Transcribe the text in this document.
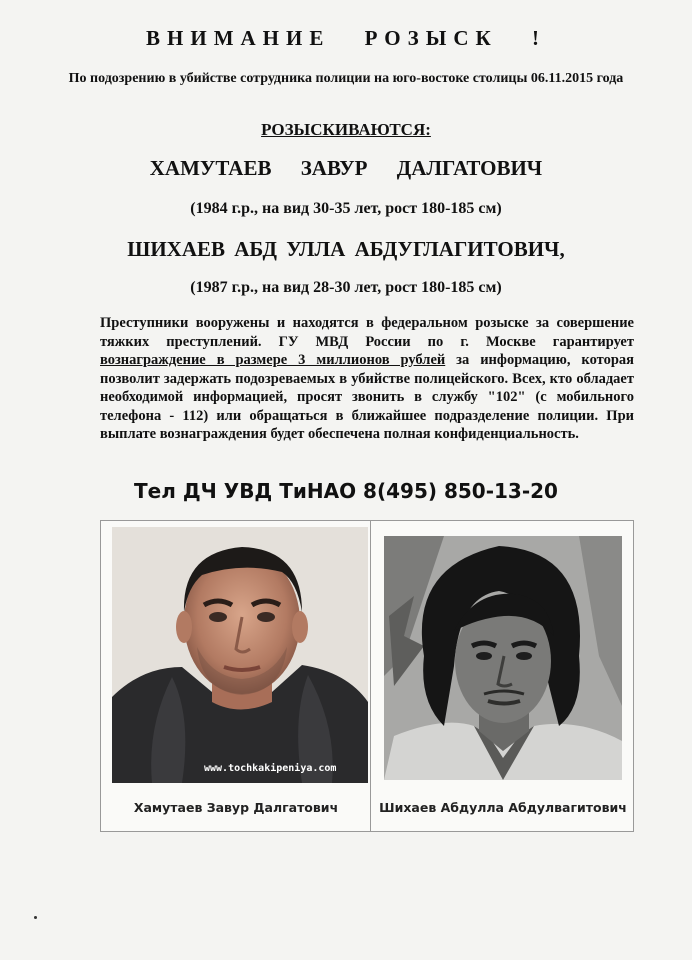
ВНИМАНИЕ РОЗЫСК !
По подозрению в убийстве сотрудника полиции на юго-востоке столицы 06.11.2015 года
РОЗЫСКИВАЮТСЯ:
ХАМУТАЕВ ЗАВУР ДАЛГАТОВИЧ
(1984 г.р., на вид 30-35 лет, рост 180-185 см)
ШИХАЕВ АБД УЛЛА АБДУГЛАГИТОВИЧ,
(1987 г.р., на вид 28-30 лет, рост 180-185 см)
Преступники вооружены и находятся в федеральном розыске за совершение тяжких преступлений. ГУ МВД России по г. Москве гарантирует вознаграждение в размере 3 миллионов рублей за информацию, которая позволит задержать подозреваемых в убийстве полицейского. Всех, кто обладает необходимой информацией, просят звонить в службу "102" (с мобильного телефона - 112) или обращаться в ближайшее подразделение полиции. При выплате вознаграждения будет обеспечена полная конфиденциальность.
Тел ДЧ УВД ТиНАО 8(495) 850-13-20
www.tochkakipeniya.com
Хамутаев Завур Далгатович	Шихаев Абдулла Абдулвагитович
